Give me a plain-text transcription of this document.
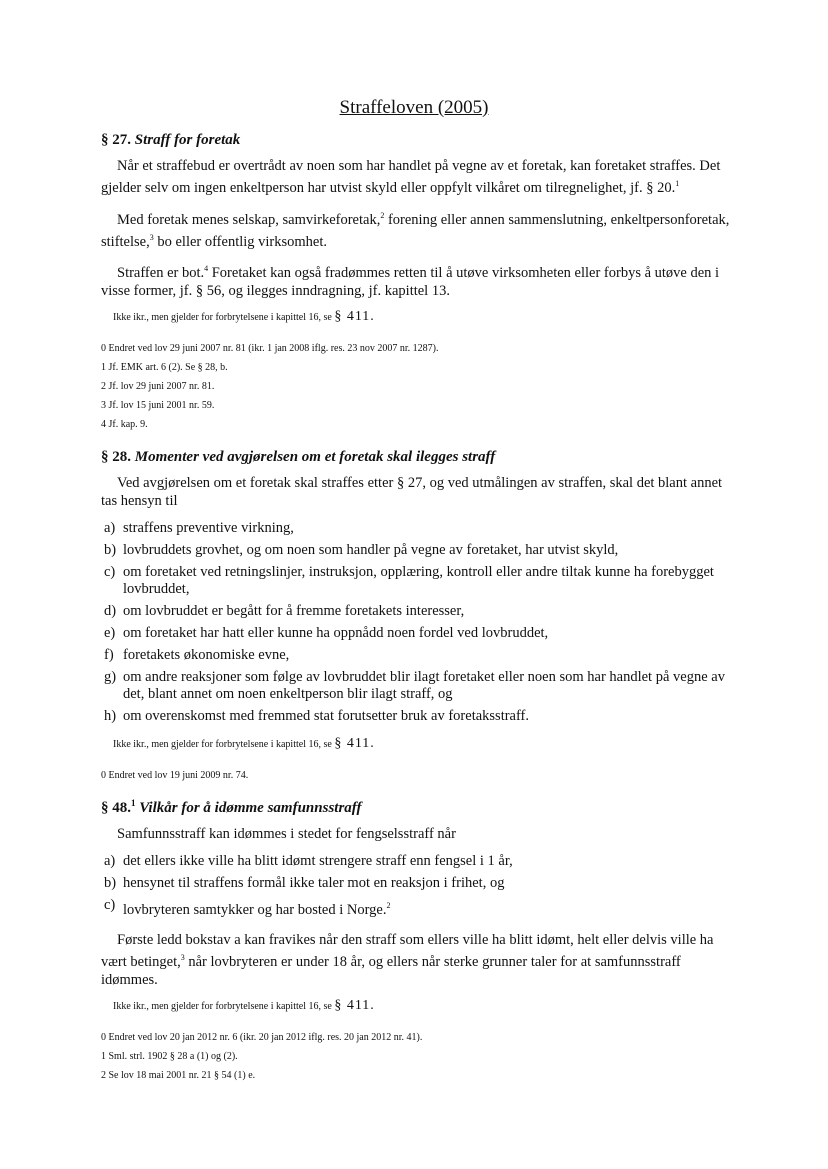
Straffeloven (2005)
§ 27. Straff for foretak

Når et straffebud er overtrådt av noen som har handlet på vegne av et foretak, kan foretaket straffes. Det gjelder selv om ingen enkeltperson har utvist skyld eller oppfylt vilkåret om tilregnelighet, jf. § 20.$^1$

Med foretak menes selskap, samvirkeforetak,$^2$ forening eller annen sammenslutning, enkeltpersonforetak, stiftelse,$^3$ bo eller offentlig virksomhet.

Straffen er bot.$^4$ Foretaket kan også fradømmes retten til å utøve virksomheten eller forbys å utøve den i visse former, jf. § 56, og ilegges inndragning, jf. kapittel 13.

Ikke ikr., men gjelder for forbrytelsene i kapittel 16, se § 411.

0 Endret ved lov 29 juni 2007 nr. 81 (ikr. 1 jan 2008 iflg. res. 23 nov 2007 nr. 1287).

1 Jf. EMK art. 6 (2). Se § 28, b.

2 Jf. lov 29 juni 2007 nr. 81.

3 Jf. lov 15 juni 2001 nr. 59.

4 Jf. kap. 9.

§ 28. Momenter ved avgjørelsen om et foretak skal ilegges straff

Ved avgjørelsen om et foretak skal straffes etter § 27, og ved utmålingen av straffen, skal det blant annet tas hensyn til

a) straffens preventive virkning,
b) lovbruddets grovhet, og om noen som handler på vegne av foretaket, har utvist skyld,
c) om foretaket ved retningslinjer, instruksjon, opplæring, kontroll eller andre tiltak kunne ha forebygget lovbruddet,
d) om lovbruddet er begått for å fremme foretakets interesser,
e) om foretaket har hatt eller kunne ha oppnådd noen fordel ved lovbruddet,
f) foretakets økonomiske evne,
g) om andre reaksjoner som følge av lovbruddet blir ilagt foretaket eller noen som har handlet på vegne av det, blant annet om noen enkeltperson blir ilagt straff, og
h) om overenskomst med fremmed stat forutsetter bruk av foretaksstraff.
Ikke ikr., men gjelder for forbrytelsene i kapittel 16, se § 411.

0 Endret ved lov 19 juni 2009 nr. 74.

§ 48.$^1$ Vilkår for å idømme samfunnsstraff

Samfunnsstraff kan idømmes i stedet for fengselsstraff når

a) det ellers ikke ville ha blitt idømt strengere straff enn fengsel i 1 år,
b) hensynet til straffens formål ikke taler mot en reaksjon i frihet, og
c) lovbryteren samtykker og har bosted i Norge.$^2$

Første ledd bokstav a kan fravikes når den straff som ellers ville ha blitt idømt, helt eller delvis ville ha vært betinget,$^3$ når lovbryteren er under 18 år, og ellers når sterke grunner taler for at samfunnsstraff idømmes.

Ikke ikr., men gjelder for forbrytelsene i kapittel 16, se § 411.

0 Endret ved lov 20 jan 2012 nr. 6 (ikr. 20 jan 2012 iflg. res. 20 jan 2012 nr. 41).

1 Sml. strl. 1902 § 28 a (1) og (2).

2 Se lov 18 mai 2001 nr. 21 § 54 (1) e.
